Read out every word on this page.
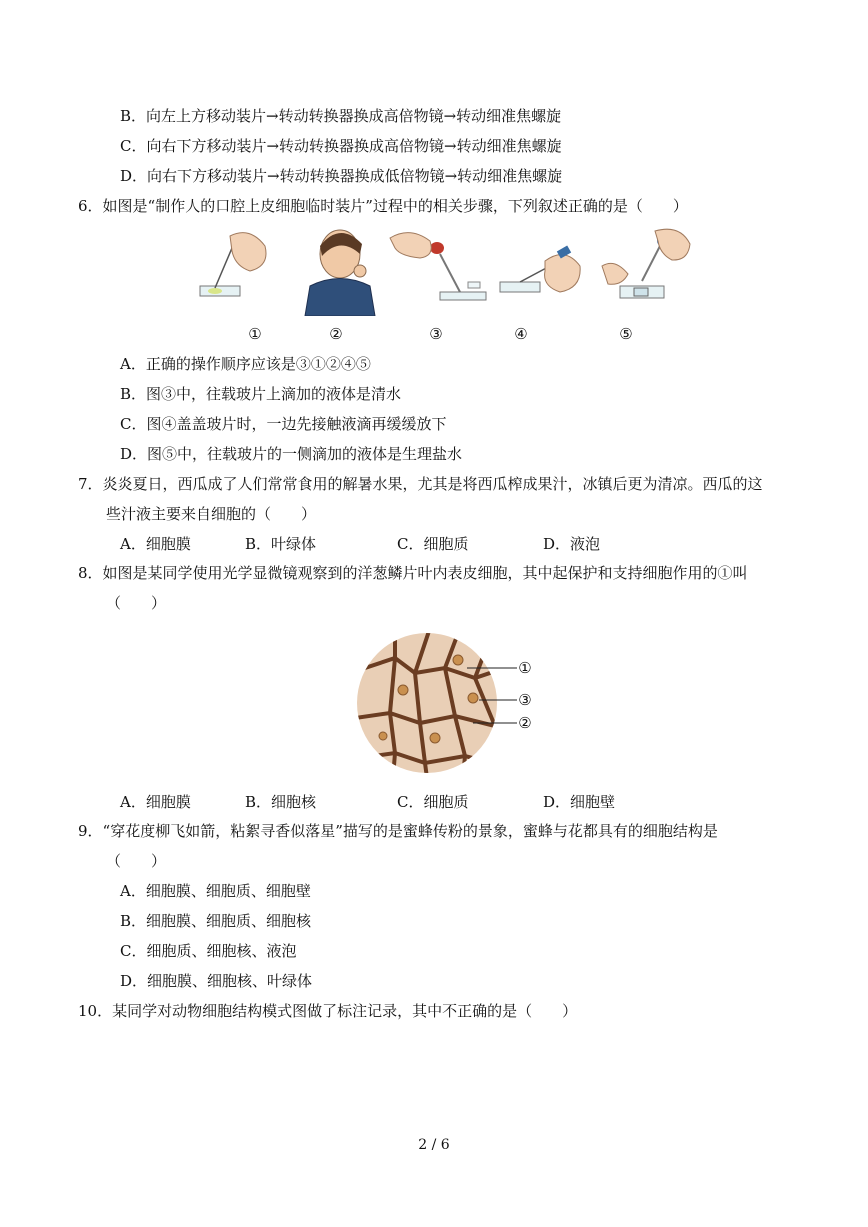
B．向左上方移动装片→转动转换器换成高倍物镜→转动细准焦螺旋
C．向右下方移动装片→转动转换器换成高倍物镜→转动细准焦螺旋
D．向右下方移动装片→转动转换器换成低倍物镜→转动细准焦螺旋
6．如图是“制作人的口腔上皮细胞临时装片”过程中的相关步骤，下列叙述正确的是（　　）
①	②	③	④	⑤
A．正确的操作顺序应该是③①②④⑤
B．图③中，往载玻片上滴加的液体是清水
C．图④盖盖玻片时，一边先接触液滴再缓缓放下
D．图⑤中，往载玻片的一侧滴加的液体是生理盐水
7．炎炎夏日，西瓜成了人们常常食用的解暑水果，尤其是将西瓜榨成果汁，冰镇后更为清凉。西瓜的这
些汁液主要来自细胞的（　　）
A．细胞膜	B．叶绿体	C．细胞质	D．液泡
8．如图是某同学使用光学显微镜观察到的洋葱鳞片叶内表皮细胞，其中起保护和支持细胞作用的①叫
（　　）
①
③
②
A．细胞膜	B．细胞核	C．细胞质	D．细胞壁
9．“穿花度柳飞如箭，粘絮寻香似落星”描写的是蜜蜂传粉的景象，蜜蜂与花都具有的细胞结构是
（　　）
A．细胞膜、细胞质、细胞壁
B．细胞膜、细胞质、细胞核
C．细胞质、细胞核、液泡
D．细胞膜、细胞核、叶绿体
10．某同学对动物细胞结构模式图做了标注记录，其中不正确的是（　　）
2 / 6
